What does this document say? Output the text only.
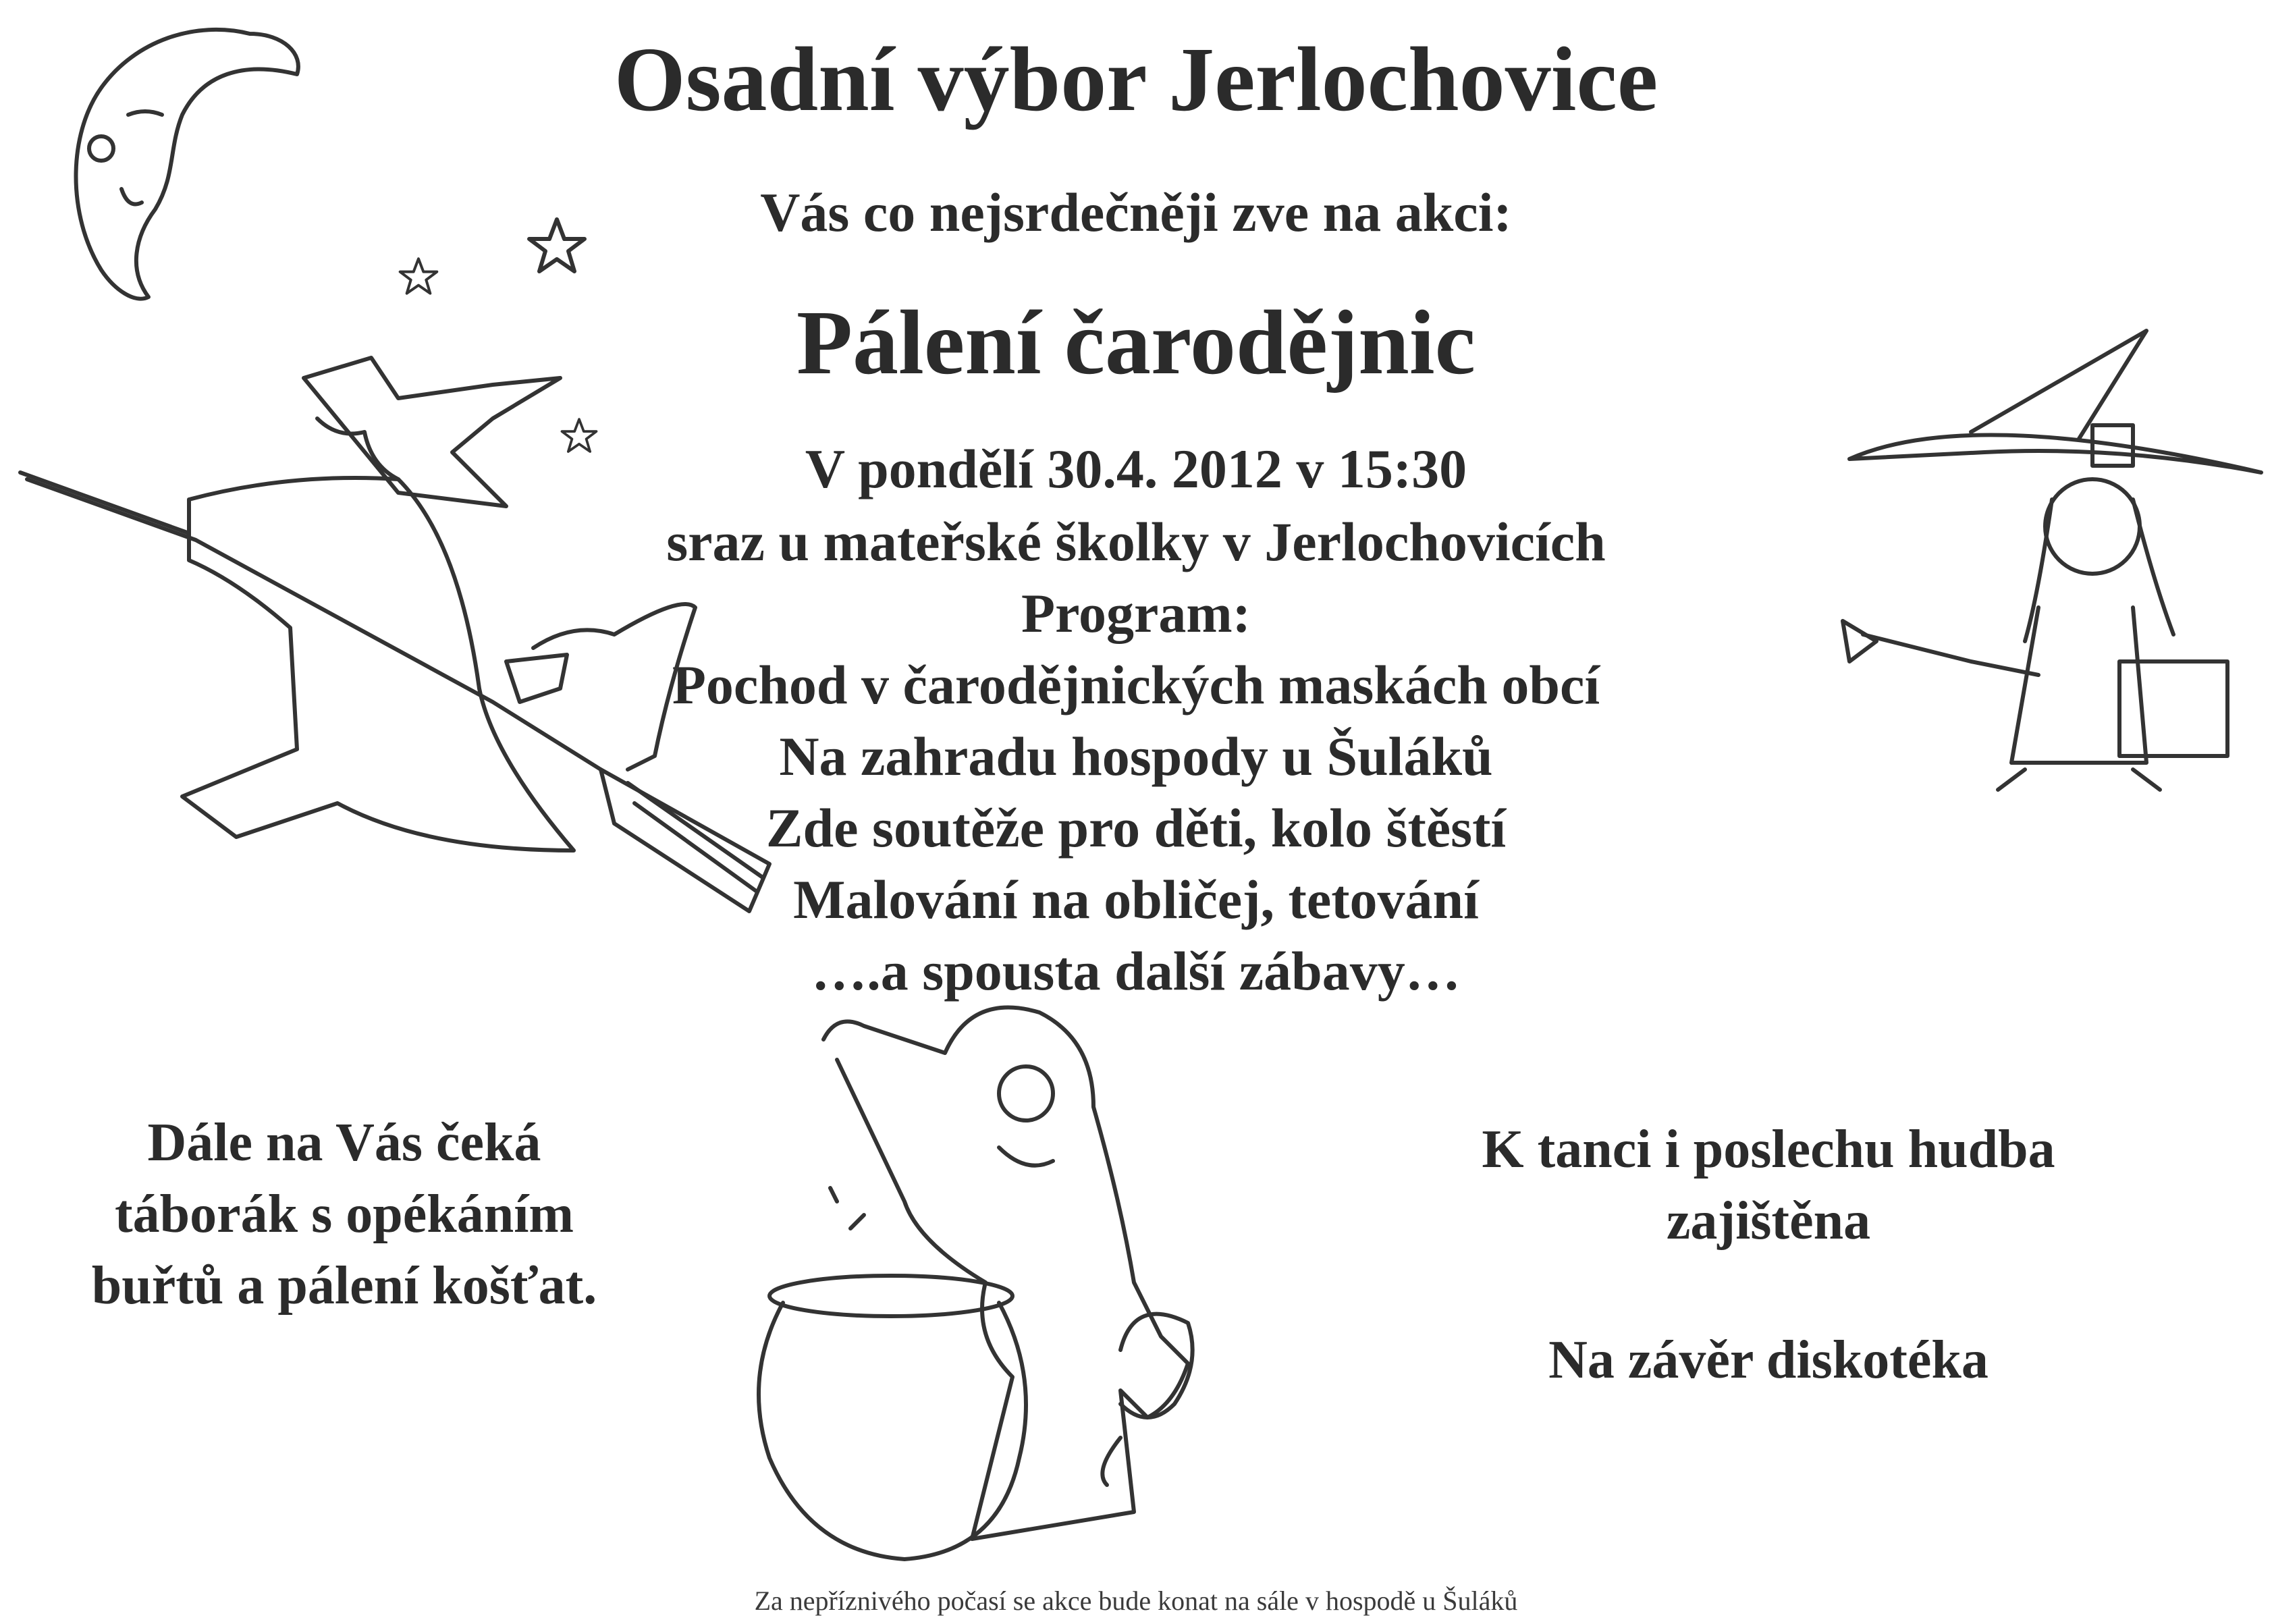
Osadní výbor Jerlochovice
Vás co nejsrdečněji zve na akci:
Pálení čarodějnic
V pondělí 30.4. 2012 v 15:30
sraz u mateřské školky v Jerlochovicích
Program:
Pochod v čarodějnických maskách obcí
Na zahradu hospody u Šuláků
Zde soutěže pro děti, kolo štěstí
Malování na obličej, tetování
….a spousta další zábavy…
Dále na Vás čeká
táborák s opékáním
buřtů a pálení košťat.
K tanci i poslechu hudba
zajištěna
Na závěr diskotéka
Za nepříznivého počasí se akce bude konat na sále v hospodě u Šuláků
